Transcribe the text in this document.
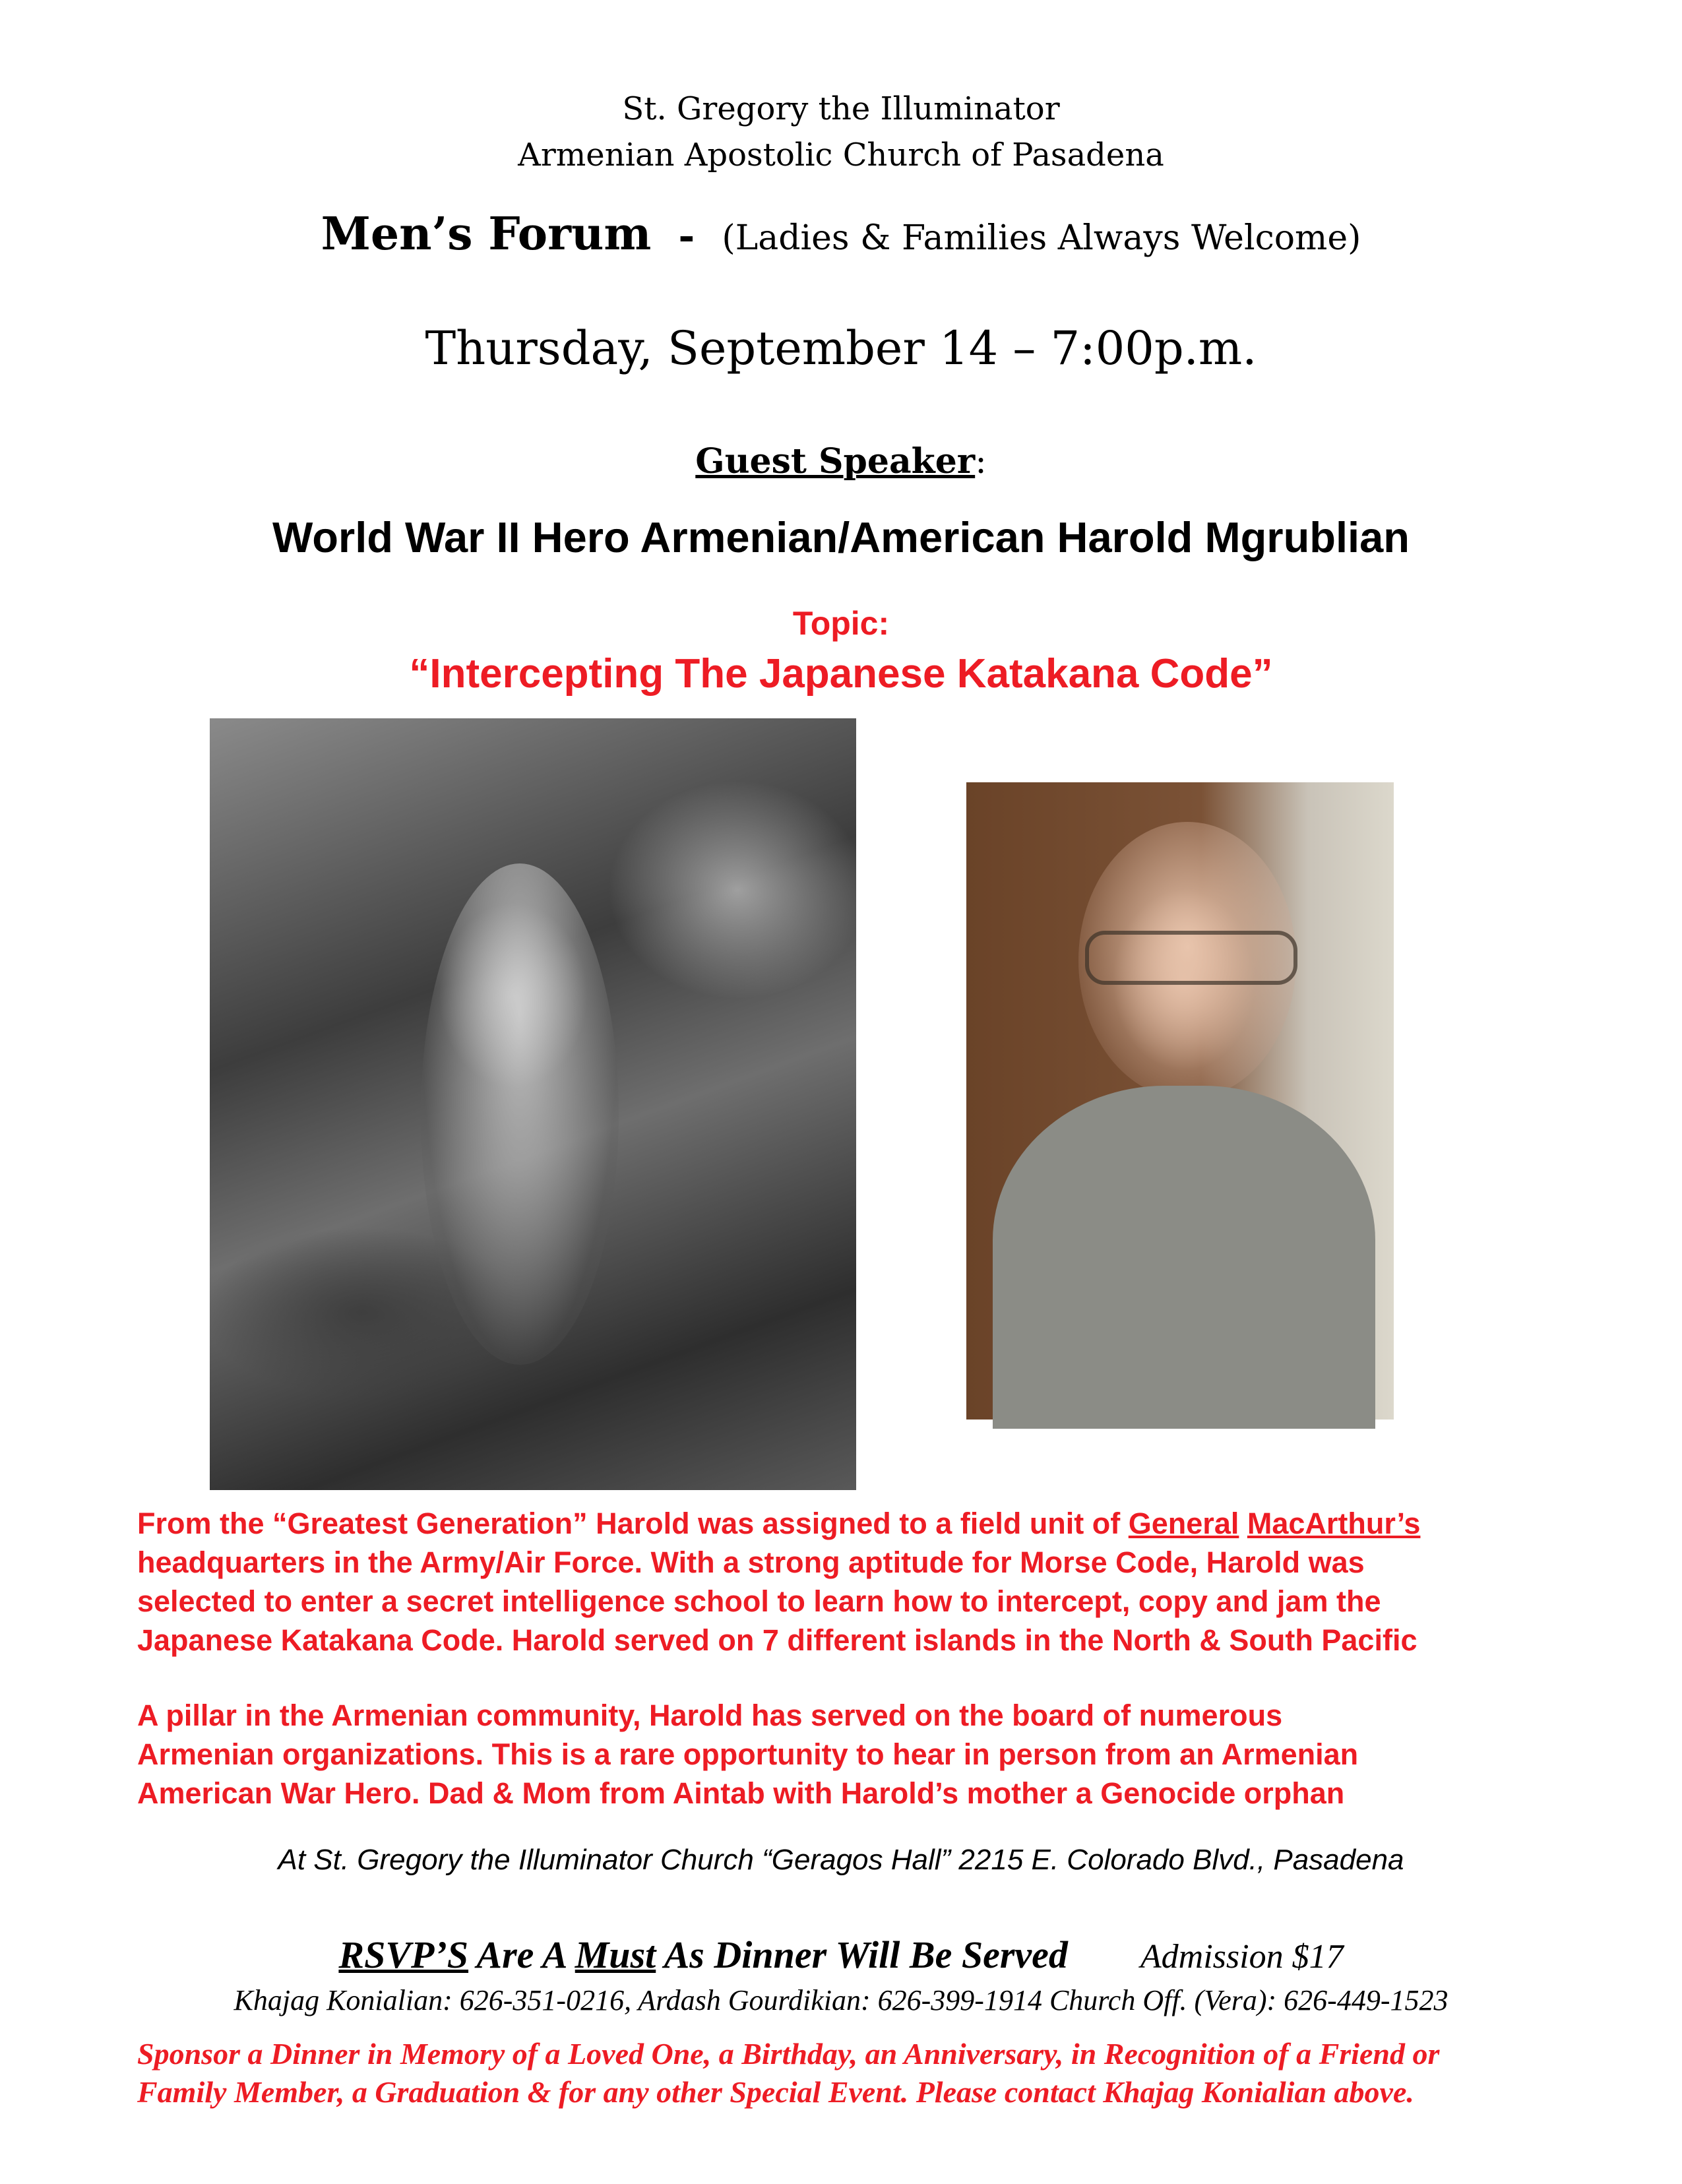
St. Gregory the Illuminator
Armenian Apostolic Church of Pasadena
Men’s Forum - (Ladies & Families Always Welcome)
Thursday, September 14 – 7:00p.m.
Guest Speaker:
World War II Hero Armenian/American Harold Mgrublian
Topic:
“Intercepting The Japanese Katakana Code”
From the “Greatest Generation” Harold was assigned to a field unit of General MacArthur’s
headquarters in the Army/Air Force. With a strong aptitude for Morse Code, Harold was
selected to enter a secret intelligence school to learn how to intercept, copy and jam the
Japanese Katakana Code. Harold served on 7 different islands in the North & South Pacific
A pillar in the Armenian community, Harold has served on the board of numerous
Armenian organizations. This is a rare opportunity to hear in person from an Armenian
American War Hero. Dad & Mom from Aintab with Harold’s mother a Genocide orphan
At St. Gregory the Illuminator Church “Geragos Hall” 2215 E. Colorado Blvd., Pasadena
RSVP’S Are A Must As Dinner Will Be Served Admission $17
Khajag Konialian: 626-351-0216, Ardash Gourdikian: 626-399-1914 Church Off. (Vera): 626-449-1523
Sponsor a Dinner in Memory of a Loved One, a Birthday, an Anniversary, in Recognition of a Friend or
Family Member, a Graduation & for any other Special Event. Please contact Khajag Konialian above.
